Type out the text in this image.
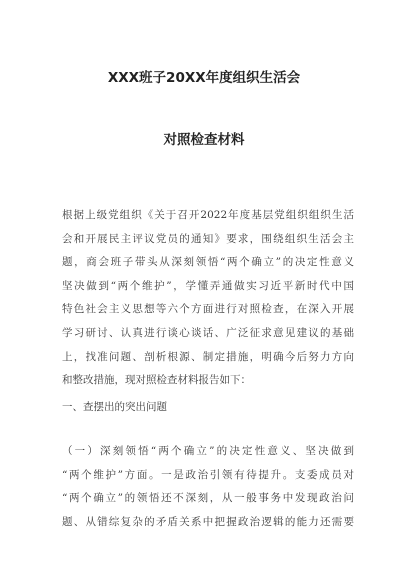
XXX班子20XX年度组织生活会
对照检查材料
根据上级党组织《关于召开2022年度基层党组织组织生活
会和开展民主评议党员的通知》要求，围绕组织生活会主
题，商会班子带头从深刻领悟“两个确立”的决定性意义
坚决做到“两个维护”，学懂弄通做实习近平新时代中国
特色社会主义思想等六个方面进行对照检查，在深入开展
学习研讨、认真进行谈心谈话、广泛征求意见建议的基础
上，找准问题、剖析根源、制定措施，明确今后努力方向
和整改措施，现对照检查材料报告如下：
一、查摆出的突出问题
（一）深刻领悟“两个确立”的决定性意义、坚决做到
“两个维护”方面。一是政治引领有待提升。支委成员对
“两个确立”的领悟还不深刻，从一般事务中发现政治问
题、从错综复杂的矛盾关系中把握政治逻辑的能力还需要
